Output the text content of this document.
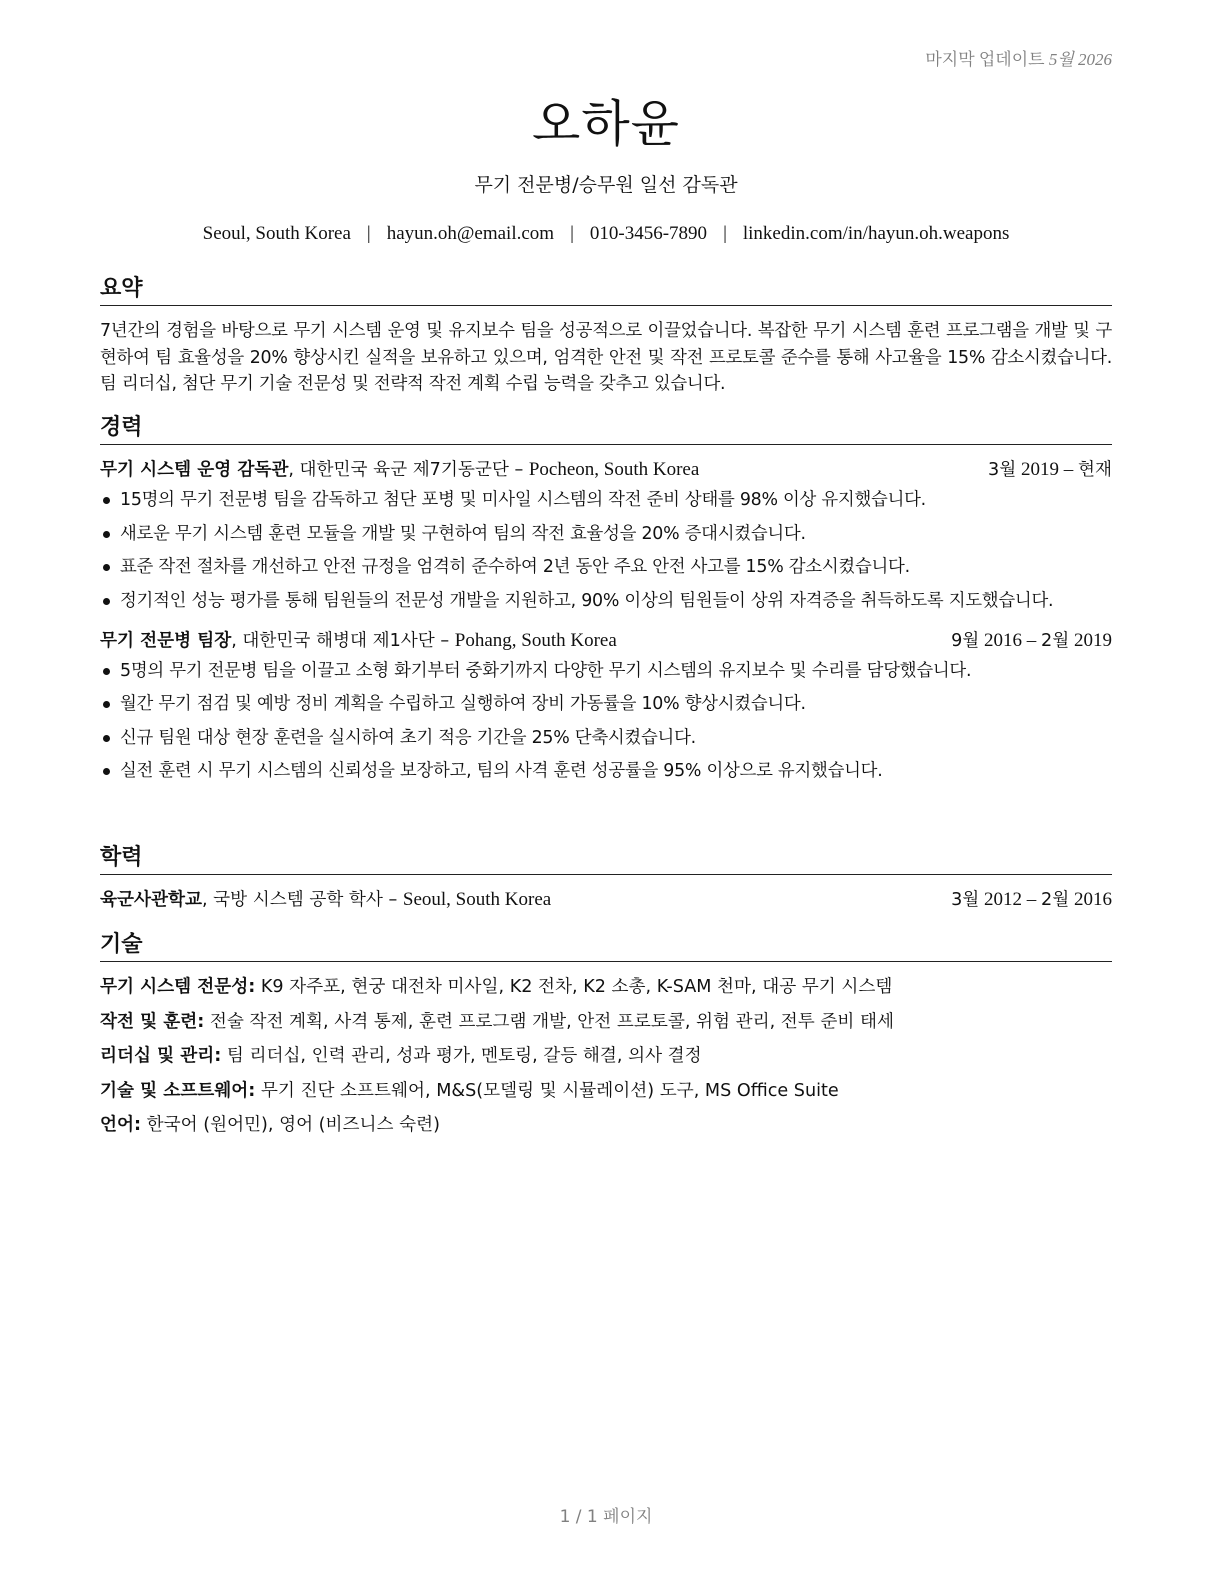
마지막 업데이트 5월 2026
오하윤
무기 전문병/승무원 일선 감독관
Seoul, South Korea | hayun.oh@email.com | 010-3456-7890 | linkedin.com/in/hayun.oh.weapons
요약
7년간의 경험을 바탕으로 무기 시스템 운영 및 유지보수 팀을 성공적으로 이끌었습니다. 복잡한 무기 시스템 훈련 프로그램을 개발 및 구현하여 팀 효율성을 20% 향상시킨 실적을 보유하고 있으며, 엄격한 안전 및 작전 프로토콜 준수를 통해 사고율을 15% 감소시켰습니다. 팀 리더십, 첨단 무기 기술 전문성 및 전략적 작전 계획 수립 능력을 갖추고 있습니다.
경력
무기 시스템 운영 감독관, 대한민국 육군 제7기동군단 – Pocheon, South Korea	3월 2019 – 현재
15명의 무기 전문병 팀을 감독하고 첨단 포병 및 미사일 시스템의 작전 준비 상태를 98% 이상 유지했습니다.
새로운 무기 시스템 훈련 모듈을 개발 및 구현하여 팀의 작전 효율성을 20% 증대시켰습니다.
표준 작전 절차를 개선하고 안전 규정을 엄격히 준수하여 2년 동안 주요 안전 사고를 15% 감소시켰습니다.
정기적인 성능 평가를 통해 팀원들의 전문성 개발을 지원하고, 90% 이상의 팀원들이 상위 자격증을 취득하도록 지도했습니다.
무기 전문병 팀장, 대한민국 해병대 제1사단 – Pohang, South Korea	9월 2016 – 2월 2019
5명의 무기 전문병 팀을 이끌고 소형 화기부터 중화기까지 다양한 무기 시스템의 유지보수 및 수리를 담당했습니다.
월간 무기 점검 및 예방 정비 계획을 수립하고 실행하여 장비 가동률을 10% 향상시켰습니다.
신규 팀원 대상 현장 훈련을 실시하여 초기 적응 기간을 25% 단축시켰습니다.
실전 훈련 시 무기 시스템의 신뢰성을 보장하고, 팀의 사격 훈련 성공률을 95% 이상으로 유지했습니다.
학력
육군사관학교, 국방 시스템 공학 학사 – Seoul, South Korea	3월 2012 – 2월 2016
기술
무기 시스템 전문성: K9 자주포, 현궁 대전차 미사일, K2 전차, K2 소총, K-SAM 천마, 대공 무기 시스템
작전 및 훈련: 전술 작전 계획, 사격 통제, 훈련 프로그램 개발, 안전 프로토콜, 위험 관리, 전투 준비 태세
리더십 및 관리: 팀 리더십, 인력 관리, 성과 평가, 멘토링, 갈등 해결, 의사 결정
기술 및 소프트웨어: 무기 진단 소프트웨어, M&S(모델링 및 시뮬레이션) 도구, MS Office Suite
언어: 한국어 (원어민), 영어 (비즈니스 숙련)
1 / 1 페이지
